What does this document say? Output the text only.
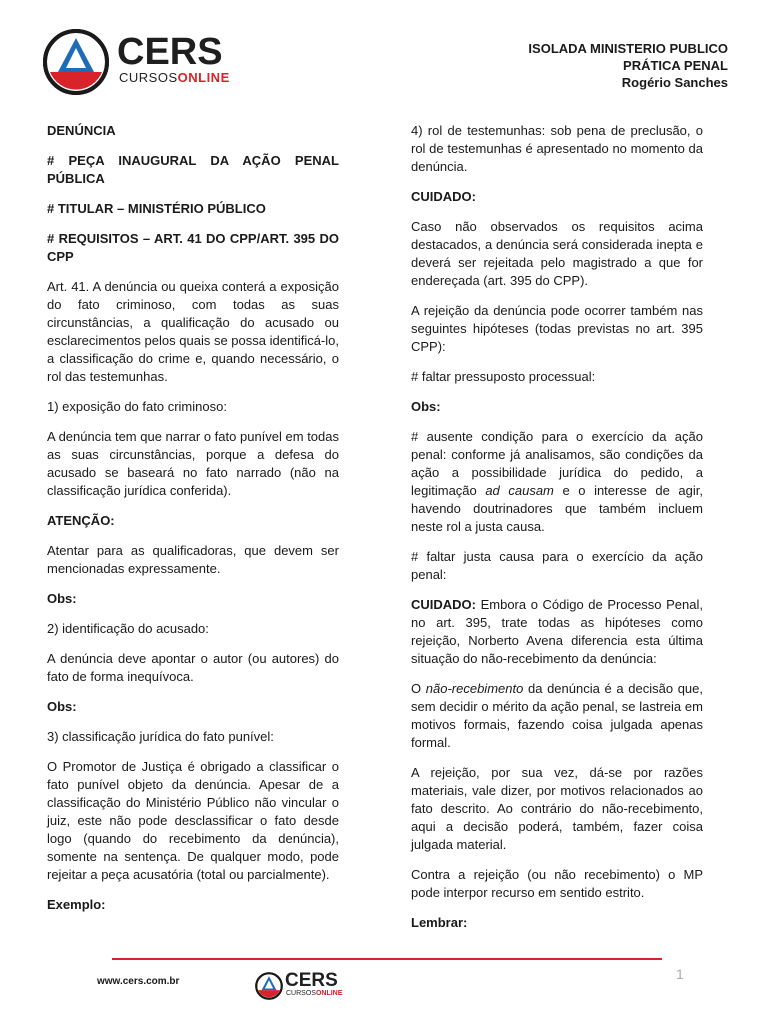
CERS
CURSOSONLINE
ISOLADA MINISTERIO PUBLICO
PRÁTICA PENAL
Rogério Sanches

DENÚNCIA

# PEÇA INAUGURAL DA AÇÃO PENAL PÚBLICA

# TITULAR – MINISTÉRIO PÚBLICO

# REQUISITOS – ART. 41 DO CPP/ART. 395 DO CPP

Art. 41. A denúncia ou queixa conterá a exposição do fato criminoso, com todas as suas circunstâncias, a qualificação do acusado ou esclarecimentos pelos quais se possa identificá-lo, a classificação do crime e, quando necessário, o rol das testemunhas.

1) exposição do fato criminoso:

A denúncia tem que narrar o fato punível em todas as suas circunstâncias, porque a defesa do acusado se baseará no fato narrado (não na classificação jurídica conferida).

ATENÇÃO:

Atentar para as qualificadoras, que devem ser mencionadas expressamente.

Obs:

2) identificação do acusado:

A denúncia deve apontar o autor (ou autores) do fato de forma inequívoca.

Obs:

3) classificação jurídica do fato punível:

O Promotor de Justiça é obrigado a classificar o fato punível objeto da denúncia. Apesar de a classificação do Ministério Público não vincular o juiz, este não pode desclassificar o fato desde logo (quando do recebimento da denúncia), somente na sentença. De qualquer modo, pode rejeitar a peça acusatória (total ou parcialmente).

Exemplo:

4) rol de testemunhas: sob pena de preclusão, o rol de testemunhas é apresentado no momento da denúncia.

CUIDADO:

Caso não observados os requisitos acima destacados, a denúncia será considerada inepta e deverá ser rejeitada pelo magistrado a que for endereçada (art. 395 do CPP).

A rejeição da denúncia pode ocorrer também nas seguintes hipóteses (todas previstas no art. 395 CPP):

# faltar pressuposto processual:

Obs:

# ausente condição para o exercício da ação penal: conforme já analisamos, são condições da ação a possibilidade jurídica do pedido, a legitimação ad causam e o interesse de agir, havendo doutrinadores que também incluem neste rol a justa causa.

# faltar justa causa para o exercício da ação penal:

CUIDADO: Embora o Código de Processo Penal, no art. 395, trate todas as hipóteses como rejeição, Norberto Avena diferencia esta última situação do não-recebimento da denúncia:

O não-recebimento da denúncia é a decisão que, sem decidir o mérito da ação penal, se lastreia em motivos formais, fazendo coisa julgada apenas formal.

A rejeição, por sua vez, dá-se por razões materiais, vale dizer, por motivos relacionados ao fato descrito. Ao contrário do não-recebimento, aqui a decisão poderá, também, fazer coisa julgada material.

Contra a rejeição (ou não recebimento) o MP pode interpor recurso em sentido estrito.

Lembrar:

www.cers.com.br	CERS
CURSOSONLINE
1
